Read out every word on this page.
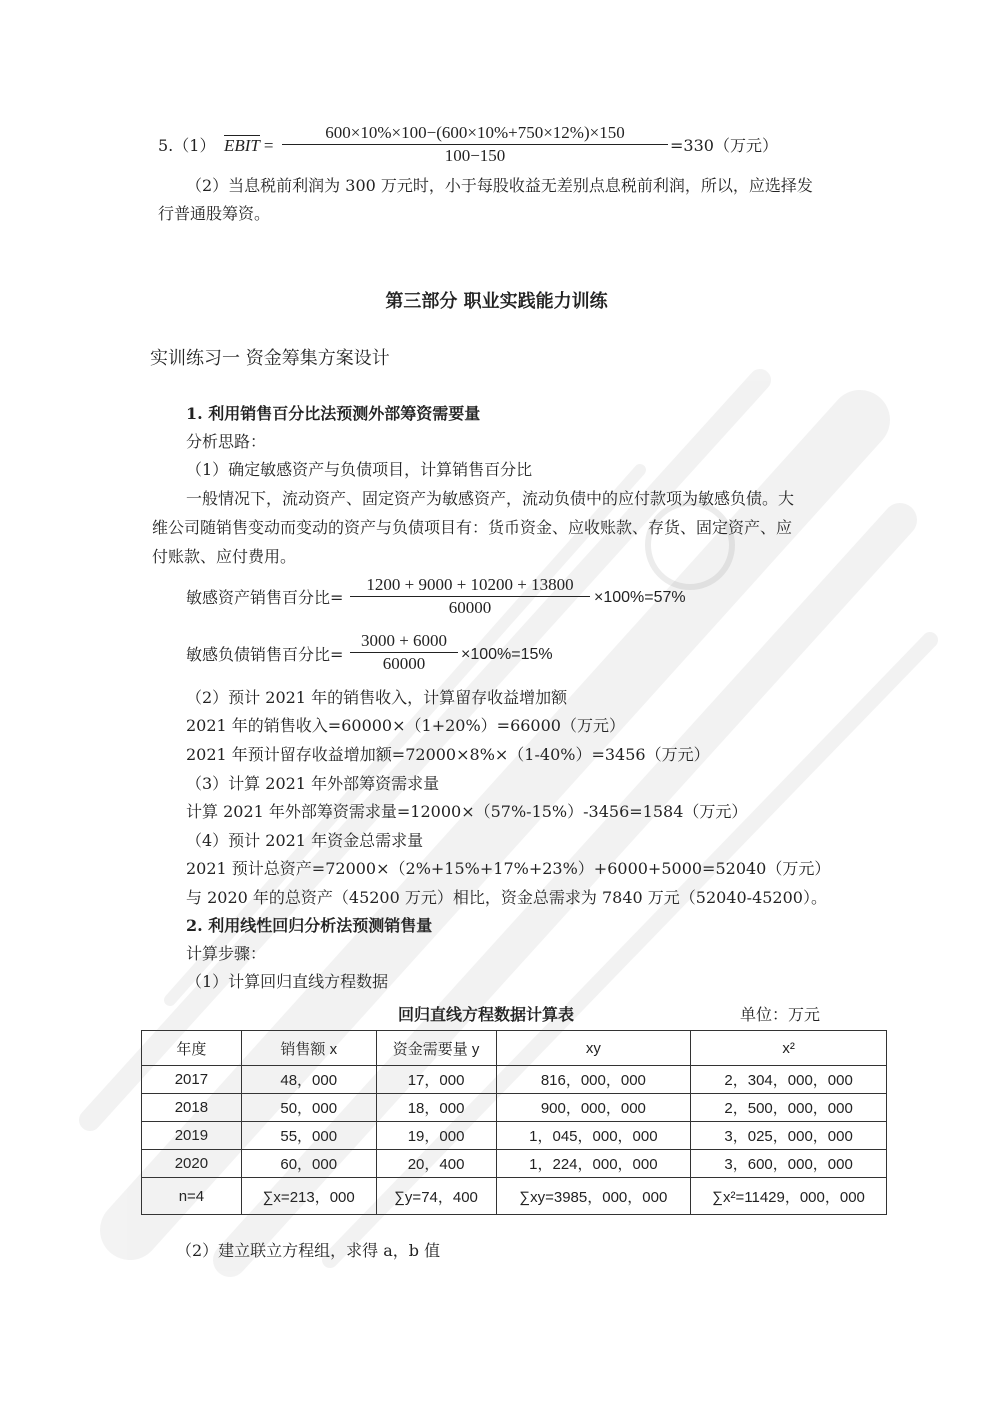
5.（1） EBIT = $\frac{600\times 10\%\times 100-(600\times 10\%+750\times 12\%)\times 150}{100-150} =330$（万元）
（2）当息税前利润为 300 万元时，小于每股收益无差别点息税前利润，所以，应选择发
行普通股筹资。
第三部分 职业实践能力训练
实训练习一 资金筹集方案设计
1. 利用销售百分比法预测外部筹资需要量
分析思路：
（1）确定敏感资产与负债项目，计算销售百分比
一般情况下，流动资产、固定资产为敏感资产，流动负债中的应付款项为敏感负债。大
维公司随销售变动而变动的资产与负债项目有：货币资金、应收账款、存货、固定资产、应
付账款、应付费用。
敏感资产销售百分比= $\frac{1200 + 9000 + 10200 + 13800}{60000} \times 100\%=57\%$
敏感负债销售百分比= $\frac{3000 + 6000}{60000} \times 100\%=15\%$
（2）预计 2021 年的销售收入，计算留存收益增加额
2021 年的销售收入=60000×（1+20%）=66000（万元）
2021 年预计留存收益增加额=72000×8%×（1-40%）=3456（万元）
（3）计算 2021 年外部筹资需求量
计算 2021 年外部筹资需求量=12000×（57%-15%）-3456=1584（万元）
（4）预计 2021 年资金总需求量
2021 预计总资产=72000×（2%+15%+17%+23%）+6000+5000=52040（万元）
与 2020 年的总资产（45200 万元）相比，资金总需求为 7840 万元（52040-45200）。
2. 利用线性回归分析法预测销售量
计算步骤：
（1）计算回归直线方程数据
回归直线方程数据计算表	单位：万元
年度	销售额 x	资金需要量 y	xy	x²
2017	48，000	17，000	816，000，000	2，304，000，000
2018	50，000	18，000	900，000，000	2，500，000，000
2019	55，000	19，000	1，045，000，000	3，025，000，000
2020	60，000	20，400	1，224，000，000	3，600，000，000
n=4	∑x=213，000	∑y=74，400	∑xy=3985，000，000	∑x²=11429，000，000
（2）建立联立方程组，求得 a，b 值
